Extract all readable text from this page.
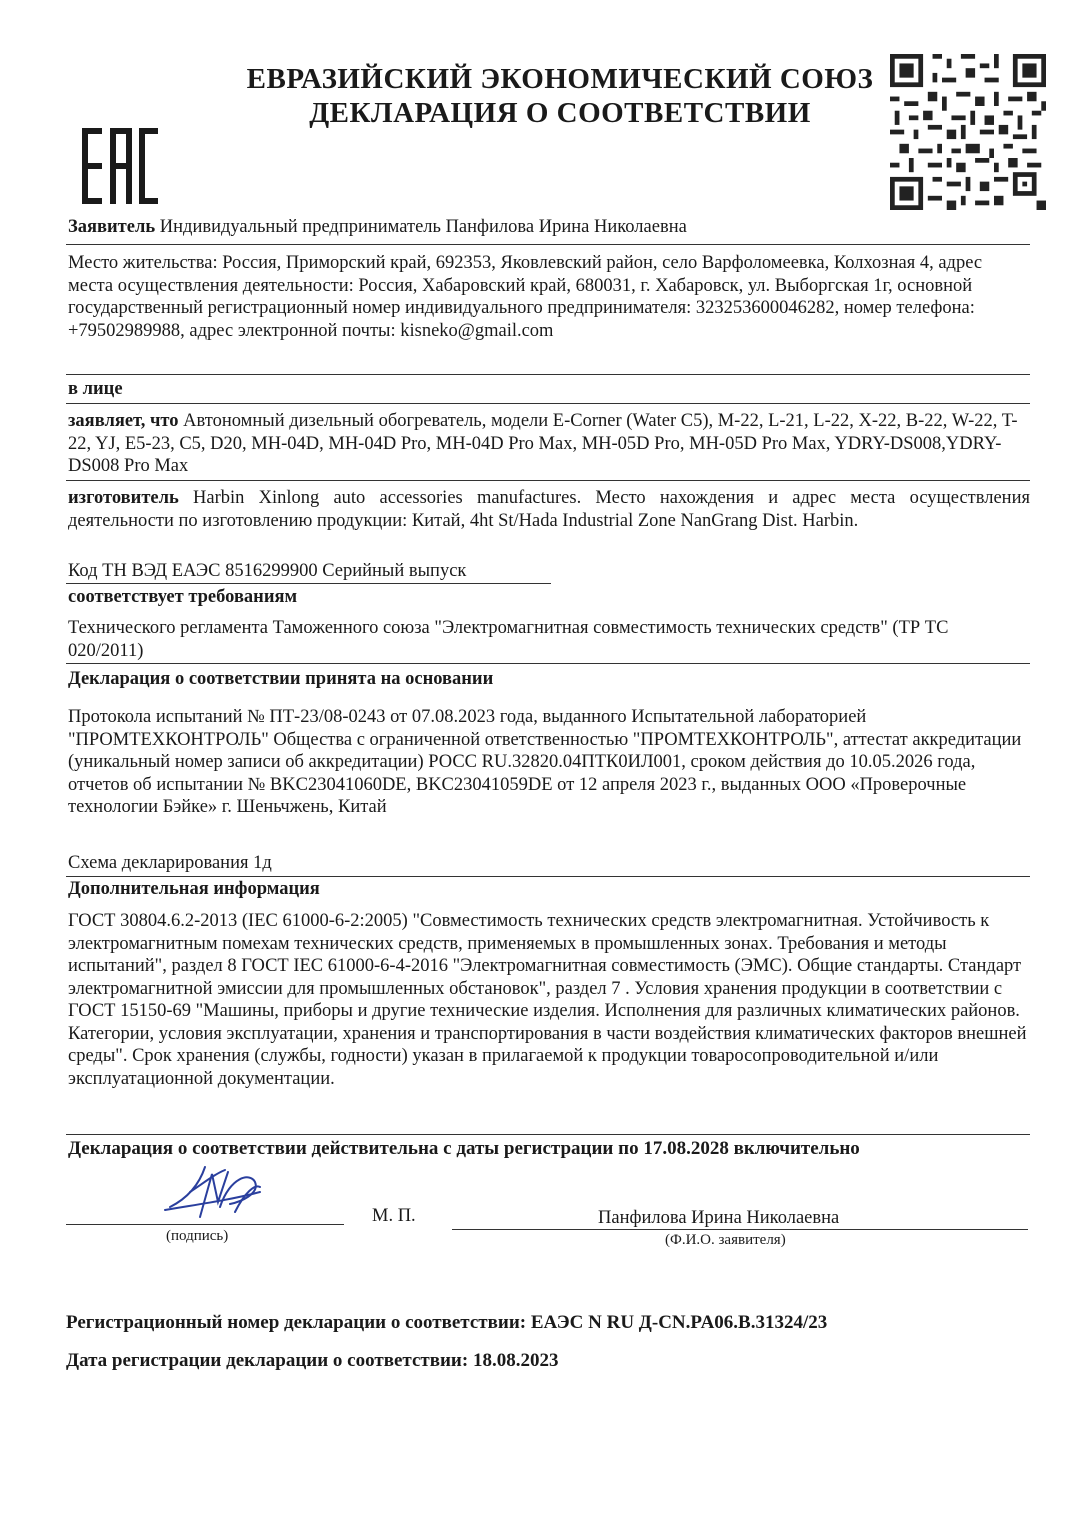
ЕВРАЗИЙСКИЙ ЭКОНОМИЧЕСКИЙ СОЮЗ
ДЕКЛАРАЦИЯ О СООТВЕТСТВИИ
Заявитель Индивидуальный предприниматель Панфилова Ирина Николаевна
Место жительства: Россия, Приморский край, 692353, Яковлевский район, село Варфоломеевка, Колхозная 4, адрес места осуществления деятельности: Россия, Хабаровский край, 680031, г. Хабаровск, ул. Выборгская 1г, основной государственный регистрационный номер индивидуального предпринимателя: 323253600046282, номер телефона: +79502989988, адрес электронной почты: kisneko@gmail.com
в лице
заявляет, что Автономный дизельный обогреватель, модели E-Corner (Water C5), M-22, L-21, L-22, X-22, B-22, W-22, T-22, YJ, E5-23, C5, D20, MH-04D, MH-04D Pro, MH-04D Pro Max, MH-05D Pro, MH-05D Pro Max, YDRY-DS008,YDRY-DS008 Pro Max
изготовитель Harbin Xinlong auto accessories manufactures. Место нахождения и адрес места осуществления деятельности по изготовлению продукции: Китай, 4ht St/Hada Industrial Zone NanGrang Dist. Harbin.
Код ТН ВЭД ЕАЭС 8516299900 Серийный выпуск
соответствует требованиям
Технического регламента Таможенного союза "Электромагнитная совместимость технических средств" (ТР ТС 020/2011)
Декларация о соответствии принята на основании
Протокола испытаний № ПТ-23/08-0243 от 07.08.2023 года, выданного Испытательной лабораторией "ПРОМТЕХКОНТРОЛЬ" Общества с ограниченной ответственностью "ПРОМТЕХКОНТРОЛЬ", аттестат аккредитации (уникальный номер записи об аккредитации) РОСС RU.32820.04ПТК0ИЛ001, сроком действия до 10.05.2026 года, отчетов об испытании № BKC23041060DE, BKC23041059DE от 12 апреля 2023 г., выданных ООО «Проверочные технологии Бэйке» г. Шеньчжень, Китай
Схема декларирования 1д
Дополнительная информация
ГОСТ 30804.6.2-2013 (IEC 61000-6-2:2005) "Совместимость технических средств электромагнитная. Устойчивость к электромагнитным помехам технических средств, применяемых в промышленных зонах. Требования и методы испытаний", раздел 8 ГОСТ IEC 61000-6-4-2016 "Электромагнитная совместимость (ЭМС). Общие стандарты. Стандарт электромагнитной эмиссии для промышленных обстановок", раздел 7 . Условия хранения продукции в соответствии с ГОСТ 15150-69 "Машины, приборы и другие технические изделия. Исполнения для различных климатических районов. Категории, условия эксплуатации, хранения и транспортирования в части воздействия климатических факторов внешней среды". Срок хранения (службы, годности) указан в прилагаемой к продукции товаросопроводительной и/или эксплуатационной документации.
Декларация о соответствии действительна с даты регистрации по 17.08.2028 включительно
(подпись)
М. П.	Панфилова Ирина Николаевна
(Ф.И.О. заявителя)
Регистрационный номер декларации о соответствии: ЕАЭС N RU Д-CN.PA06.B.31324/23
Дата регистрации декларации о соответствии: 18.08.2023
